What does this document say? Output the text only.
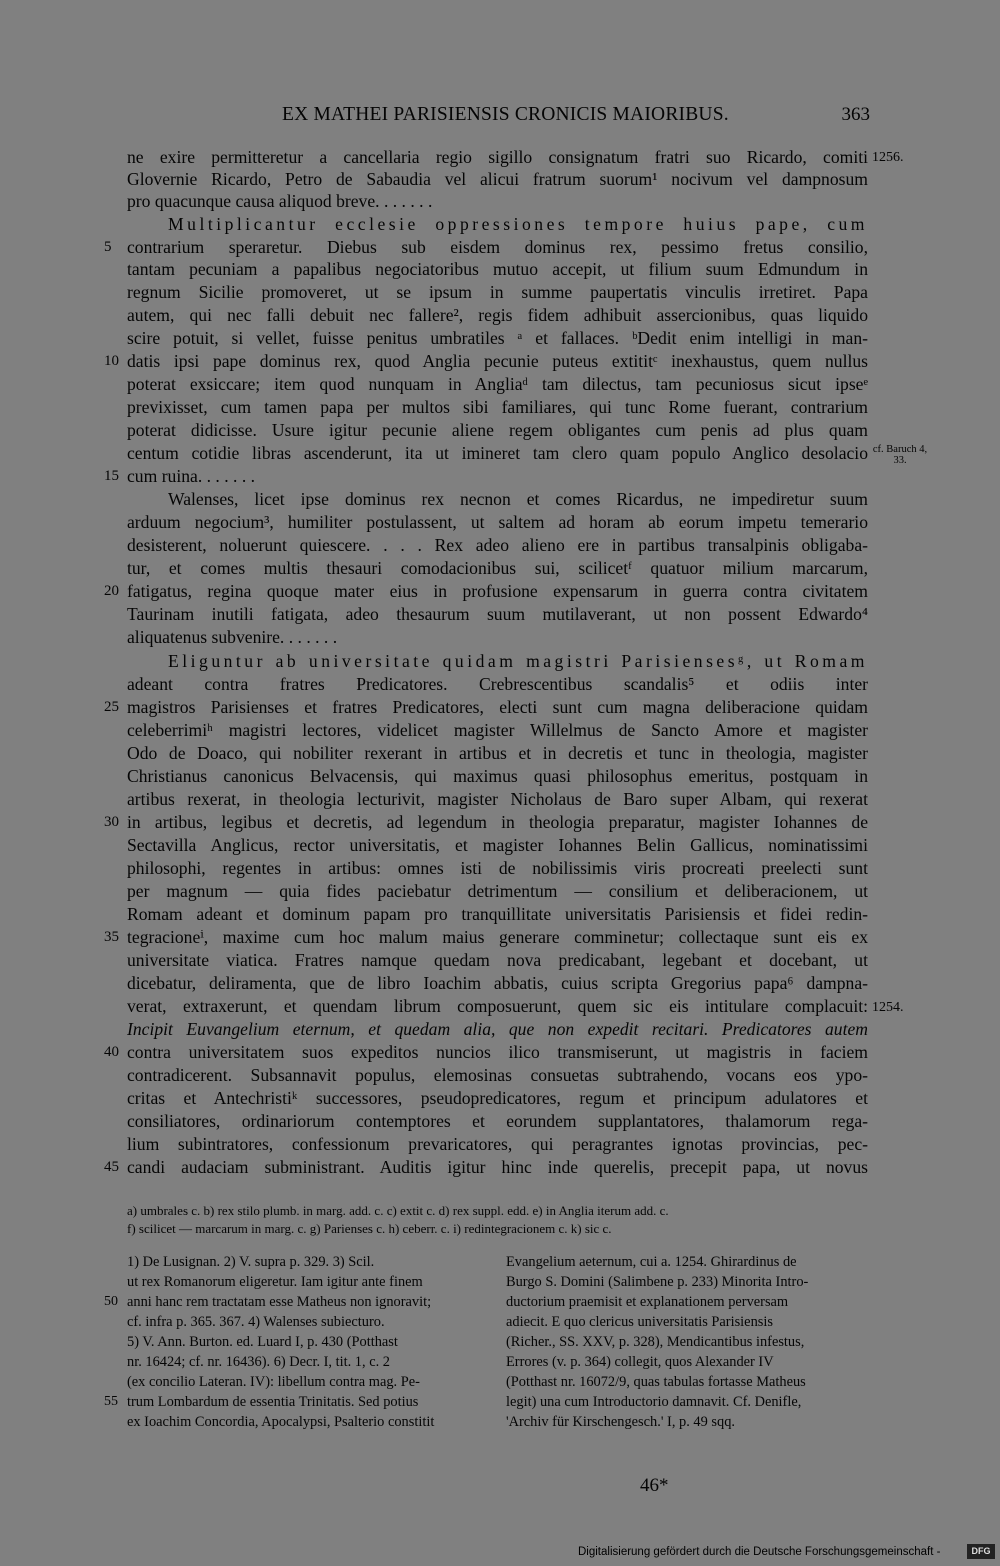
EX MATHEI PARISIENSIS CRONICIS MAIORIBUS.	363
ne exire permitteretur a cancellaria regio sigillo consignatum fratri suo Ricardo, comiti
Glovernie Ricardo, Petro de Sabaudia vel alicui fratrum suorum¹ nocivum vel dampnosum
pro quacunque causa aliquod breve. . . . . . .
Multiplicantur ecclesie oppressiones tempore huius pape, cum
contrarium speraretur. Diebus sub eisdem dominus rex, pessimo fretus consilio,
tantam pecuniam a papalibus negociatoribus mutuo accepit, ut filium suum Edmundum in
regnum Sicilie promoveret, ut se ipsum in summe paupertatis vinculis irretiret. Papa
autem, qui nec falli debuit nec fallere², regis fidem adhibuit assercionibus, quas liquido
scire potuit, si vellet, fuisse penitus umbratiles ᵃ et fallaces. ᵇDedit enim intelligi in man-
datis ipsi pape dominus rex, quod Anglia pecunie puteus extititᶜ inexhaustus, quem nullus
poterat exsiccare; item quod nunquam in Angliaᵈ tam dilectus, tam pecuniosus sicut ipseᵉ
previxisset, cum tamen papa per multos sibi familiares, qui tunc Rome fuerant, contrarium
poterat didicisse. Usure igitur pecunie aliene regem obligantes cum penis ad plus quam
centum cotidie libras ascenderunt, ita ut imineret tam clero quam populo Anglico desolacio
cum ruina. . . . . . .
Walenses, licet ipse dominus rex necnon et comes Ricardus, ne impediretur suum
arduum negocium³, humiliter postulassent, ut saltem ad horam ab eorum impetu temerario
desisterent, noluerunt quiescere. . . . Rex adeo alieno ere in partibus transalpinis obligaba-
tur, et comes multis thesauri comodacionibus sui, scilicetᶠ quatuor milium marcarum,
fatigatus, regina quoque mater eius in profusione expensarum in guerra contra civitatem
Taurinam inutili fatigata, adeo thesaurum suum mutilaverant, ut non possent Edwardo⁴
aliquatenus subvenire. . . . . . .
Eliguntur ab universitate quidam magistri Parisiensesᵍ, ut Romam
adeant contra fratres Predicatores. Crebrescentibus scandalis⁵ et odiis inter
magistros Parisienses et fratres Predicatores, electi sunt cum magna deliberacione quidam
celeberrimiʰ magistri lectores, videlicet magister Willelmus de Sancto Amore et magister
Odo de Doaco, qui nobiliter rexerant in artibus et in decretis et tunc in theologia, magister
Christianus canonicus Belvacensis, qui maximus quasi philosophus emeritus, postquam in
artibus rexerat, in theologia lecturivit, magister Nicholaus de Baro super Albam, qui rexerat
in artibus, legibus et decretis, ad legendum in theologia preparatur, magister Iohannes de
Sectavilla Anglicus, rector universitatis, et magister Iohannes Belin Gallicus, nominatissimi
philosophi, regentes in artibus: omnes isti de nobilissimis viris procreati preelecti sunt
per magnum — quia fides paciebatur detrimentum — consilium et deliberacionem, ut
Romam adeant et dominum papam pro tranquillitate universitatis Parisiensis et fidei redin-
tegracioneⁱ, maxime cum hoc malum maius generare comminetur; collectaque sunt eis ex
universitate viatica. Fratres namque quedam nova predicabant, legebant et docebant, ut
dicebatur, deliramenta, que de libro Ioachim abbatis, cuius scripta Gregorius papa⁶ dampna-
verat, extraxerunt, et quendam librum composuerunt, quem sic eis intitulare complacuit:
Incipit Euvangelium eternum, et quedam alia, que non expedit recitari. Predicatores autem
contra universitatem suos expeditos nuncios ilico transmiserunt, ut magistris in faciem
contradicerent. Subsannavit populus, elemosinas consuetas subtrahendo, vocans eos ypo-
critas et Antechristiᵏ successores, pseudopredicatores, regum et principum adulatores et
consiliatores, ordinariorum contemptores et eorundem supplantatores, thalamorum rega-
lium subintratores, confessionum prevaricatores, qui peragrantes ignotas provincias, pec-
candi audaciam subministrant. Auditis igitur hinc inde querelis, precepit papa, ut novus
5
10
15
20
25
30
35
40
45
1256.
cf. Baruch 4, 33.
1254.
a) umbrales c. b) rex stilo plumb. in marg. add. c. c) extit c. d) rex suppl. edd. e) in Anglia iterum add. c.
f) scilicet — marcarum in marg. c. g) Parienses c. h) ceberr. c. i) redintegracionem c. k) sic c.
1) De Lusignan. 2) V. supra p. 329. 3) Scil.
ut rex Romanorum eligeretur. Iam igitur ante finem
anni hanc rem tractatam esse Matheus non ignoravit;
cf. infra p. 365. 367. 4) Walenses subiecturo.
5) V. Ann. Burton. ed. Luard I, p. 430 (Potthast
nr. 16424; cf. nr. 16436). 6) Decr. I, tit. 1, c. 2
(ex concilio Lateran. IV): libellum contra mag. Pe-
trum Lombardum de essentia Trinitatis. Sed potius
ex Ioachim Concordia, Apocalypsi, Psalterio constitit
Evangelium aeternum, cui a. 1254. Ghirardinus de
Burgo S. Domini (Salimbene p. 233) Minorita Intro-
ductorium praemisit et explanationem perversam
adiecit. E quo clericus universitatis Parisiensis
(Richer., SS. XXV, p. 328), Mendicantibus infestus,
Errores (v. p. 364) collegit, quos Alexander IV
(Potthast nr. 16072/9, quas tabulas fortasse Matheus
legit) una cum Introductorio damnavit. Cf. Denifle,
'Archiv für Kirschengesch.' I, p. 49 sqq.
50
55
46*
Digitalisierung gefördert durch die Deutsche Forschungsgemeinschaft -	DFG
